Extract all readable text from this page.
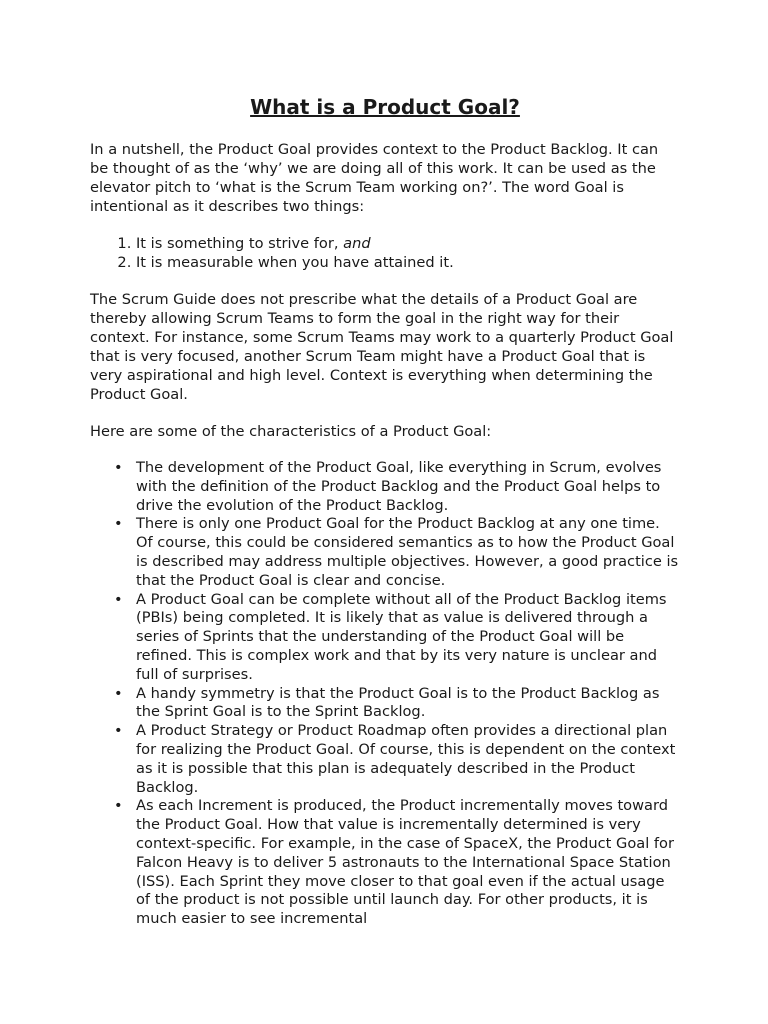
What is a Product Goal?

In a nutshell, the Product Goal provides context to the Product Backlog. It can be thought of as the ‘why’ we are doing all of this work. It can be used as the elevator pitch to ‘what is the Scrum Team working on?’. The word Goal is intentional as it describes two things:

1. It is something to strive for, and
2. It is measurable when you have attained it.

The Scrum Guide does not prescribe what the details of a Product Goal are thereby allowing Scrum Teams to form the goal in the right way for their context. For instance, some Scrum Teams may work to a quarterly Product Goal that is very focused, another Scrum Team might have a Product Goal that is very aspirational and high level. Context is everything when determining the Product Goal.

Here are some of the characteristics of a Product Goal:

• The development of the Product Goal, like everything in Scrum, evolves with the definition of the Product Backlog and the Product Goal helps to drive the evolution of the Product Backlog.
• There is only one Product Goal for the Product Backlog at any one time. Of course, this could be considered semantics as to how the Product Goal is described may address multiple objectives. However, a good practice is that the Product Goal is clear and concise.
• A Product Goal can be complete without all of the Product Backlog items (PBIs) being completed. It is likely that as value is delivered through a series of Sprints that the understanding of the Product Goal will be refined. This is complex work and that by its very nature is unclear and full of surprises.
• A handy symmetry is that the Product Goal is to the Product Backlog as the Sprint Goal is to the Sprint Backlog.
• A Product Strategy or Product Roadmap often provides a directional plan for realizing the Product Goal. Of course, this is dependent on the context as it is possible that this plan is adequately described in the Product Backlog.
• As each Increment is produced, the Product incrementally moves toward the Product Goal. How that value is incrementally determined is very context-specific. For example, in the case of SpaceX, the Product Goal for Falcon Heavy is to deliver 5 astronauts to the International Space Station (ISS). Each Sprint they move closer to that goal even if the actual usage of the product is not possible until launch day. For other products, it is much easier to see incremental
